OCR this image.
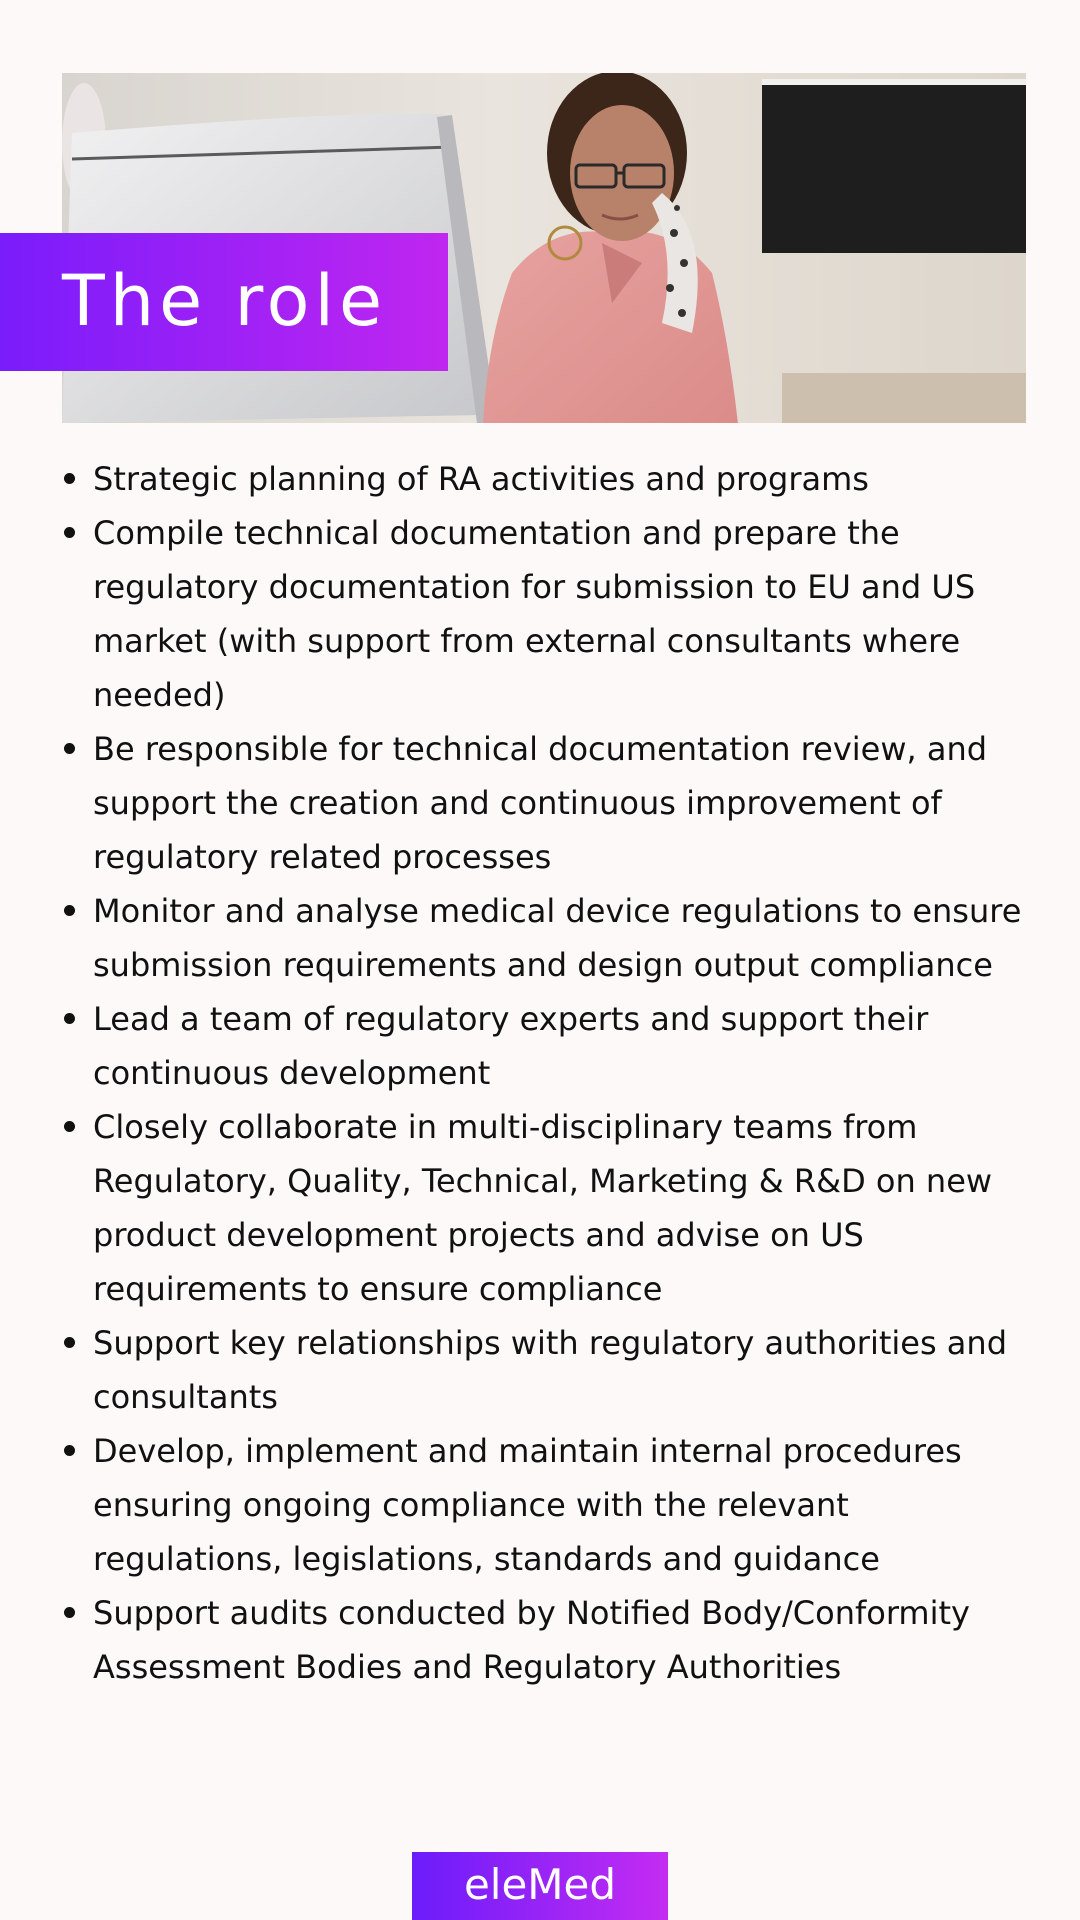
The role
Strategic planning of RA activities and programs
Compile technical documentation and prepare the regulatory documentation for submission to EU and US market (with support from external consultants where needed)
Be responsible for technical documentation review, and support the creation and continuous improvement of regulatory related processes
Monitor and analyse medical device regulations to ensure submission requirements and design output compliance
Lead a team of regulatory experts and support their continuous development
Closely collaborate in multi-disciplinary teams from Regulatory, Quality, Technical, Marketing & R&D on new product development projects and advise on US requirements to ensure compliance
Support key relationships with regulatory authorities and consultants
Develop, implement and maintain internal procedures ensuring ongoing compliance with the relevant regulations, legislations, standards and guidance
Support audits conducted by Notified Body/Conformity Assessment Bodies and Regulatory Authorities
eleMed
